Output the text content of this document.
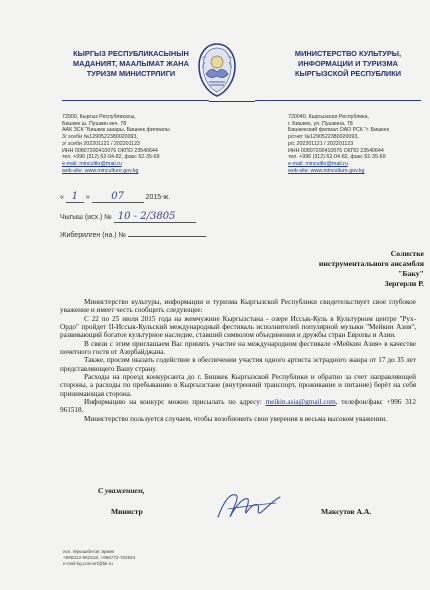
КЫРГЫЗ РЕСПУБЛИКАСЫНЫН
МАДАНИЯТ, МААЛЫМАТ ЖАНА
ТУРИЗМ МИНИСТРЛИГИ
МИНИСТЕРСТВО КУЛЬТУРЫ,
ИНФОРМАЦИИ И ТУРИЗМА
КЫРГЫЗСКОЙ РЕСПУБЛИКИ
72000, Кыргыз Республикасы,
Бишкек ш. Пушкин көч. 78
ААК ЗСК "Бишкек шаары, Бишкек филиалы
3/ эсеби №1290522380020093,
э/ эсеби 202201121 / 202201123
ИНН 00807200410076 ОКПО 23540644
тел. +996 (312) 62-04-82, факс 62-35-69
e-mail: mincultkr@mail.ru
web-site: www.minculture.gov.kg
720040, Кыргызская Республика,
г. Бишкек, ул. Пушкина, 78
Бишкекский филиал ОАО РСК "г. Бишкек
р/счет №1290522380020093,
р/с 202201121 / 202201123
ИНН 00807200410076 ОКПО 23540644
тел. +996 (312) 62-04-82, факс 62-35-69
e-mail: mincultkr@mail.ru
web-site: www.minculture.gov.kg
« 1 » 07	2015-ж.
Чыгыш (исх.) № 10 - 2/3805
Жиберилген (на.) №
Солистке
инструментального ансамбля
"Баку"
Зергерли Р.

Министерство культуры, информации и туризма Кыргызской Республики свидетельствует свое глубокое уважение и имеет честь сообщить следующее:

С 22 по 25 июля 2015 года на жемчужине Кыргызстана - озере Иссык-Куль в Культурном центре "Рух-Ордо" пройдет II-Иссык-Кульский международный фестиваль исполнителей популярной музыки "Мейкин Азия", развивающий богатое культурное наследие, ставший символом объединения и дружбы стран Европы и Азии.

В связи с этим приглашаем Вас принять участие на международном фестивале «Мейкин Азия» в качестве почетного гостя от Азербайджана.

Также, просим оказать содействие в обеспечении участия одного артиста эстрадного жанра от 17 до 35 лет представляющего Вашу страну.

Расходы на проезд конкурсанта до г. Бишкек Кыргызской Республики и обратно за счет направляющей стороны, а расходы по пребыванию в Кыргызстане (внутренний транспорт, проживание и питание) берёт на себя принимающая сторона.

Информацию на конкурс можно присылать по адресу: meikin.asia@gmail.com, телефон/факс +996 312 961518.

Министерство пользуется случаем, чтобы возобновить свои уверения в весьма высоком уважении.

С уважением,
Министр	Максутов А.А.
исп. Мукашбетов Эрмек
+996312-961518, +996772-704924
e-mail kg.concert@bk.ru
